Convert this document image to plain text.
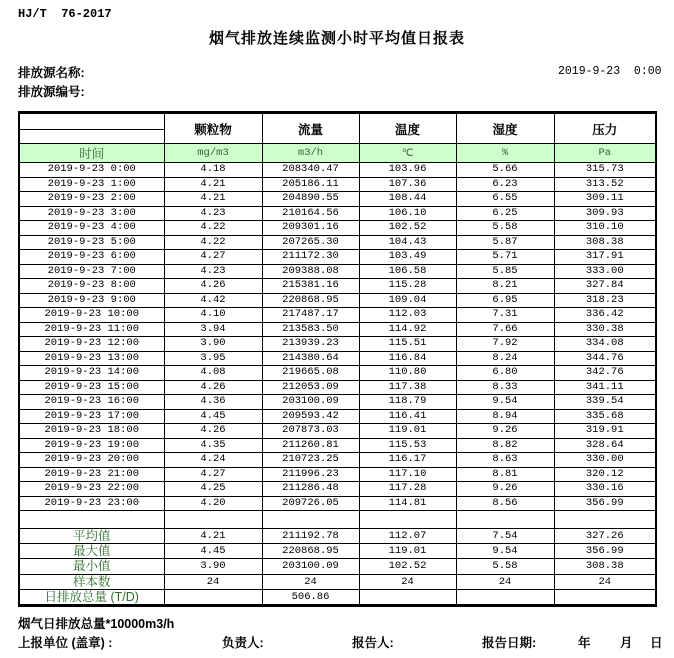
HJ/T  76-2017
烟气排放连续监测小时平均值日报表
排放源名称:
排放源编号:
2019-9-23  0:00
	颗粒物	流量	温度	湿度	压力
时间	mg/m3	m3/h	℃	%	Pa
2019-9-23 0:00	4.18	208340.47	103.96	5.66	315.73
2019-9-23 1:00	4.21	205186.11	107.36	6.23	313.52
2019-9-23 2:00	4.21	204890.55	108.44	6.55	309.11
2019-9-23 3:00	4.23	210164.56	106.10	6.25	309.93
2019-9-23 4:00	4.22	209301.16	102.52	5.58	310.10
2019-9-23 5:00	4.22	207265.30	104.43	5.87	308.38
2019-9-23 6:00	4.27	211172.30	103.49	5.71	317.91
2019-9-23 7:00	4.23	209388.08	106.58	5.85	333.00
2019-9-23 8:00	4.26	215381.16	115.28	8.21	327.84
2019-9-23 9:00	4.42	220868.95	109.04	6.95	318.23
2019-9-23 10:00	4.10	217487.17	112.03	7.31	336.42
2019-9-23 11:00	3.94	213583.50	114.92	7.66	330.38
2019-9-23 12:00	3.90	213939.23	115.51	7.92	334.08
2019-9-23 13:00	3.95	214380.64	116.84	8.24	344.76
2019-9-23 14:00	4.08	219665.08	110.80	6.80	342.76
2019-9-23 15:00	4.26	212053.09	117.38	8.33	341.11
2019-9-23 16:00	4.36	203100.09	118.79	9.54	339.54
2019-9-23 17:00	4.45	209593.42	116.41	8.94	335.68
2019-9-23 18:00	4.26	207873.03	119.01	9.26	319.91
2019-9-23 19:00	4.35	211260.81	115.53	8.82	328.64
2019-9-23 20:00	4.24	210723.25	116.17	8.63	330.00
2019-9-23 21:00	4.27	211996.23	117.10	8.81	320.12
2019-9-23 22:00	4.25	211286.48	117.28	9.26	330.16
2019-9-23 23:00	4.20	209726.05	114.81	8.56	356.99

平均值	4.21	211192.78	112.07	7.54	327.26
最大值	4.45	220868.95	119.01	9.54	356.99
最小值	3.90	203100.09	102.52	5.58	308.38
样本数	24	24	24	24	24
日排放总量 (T/D)		506.86			
烟气日排放总量*10000m3/h
上报单位 (盖章) :	负责人:	报告人:	报告日期:	年 月 日
